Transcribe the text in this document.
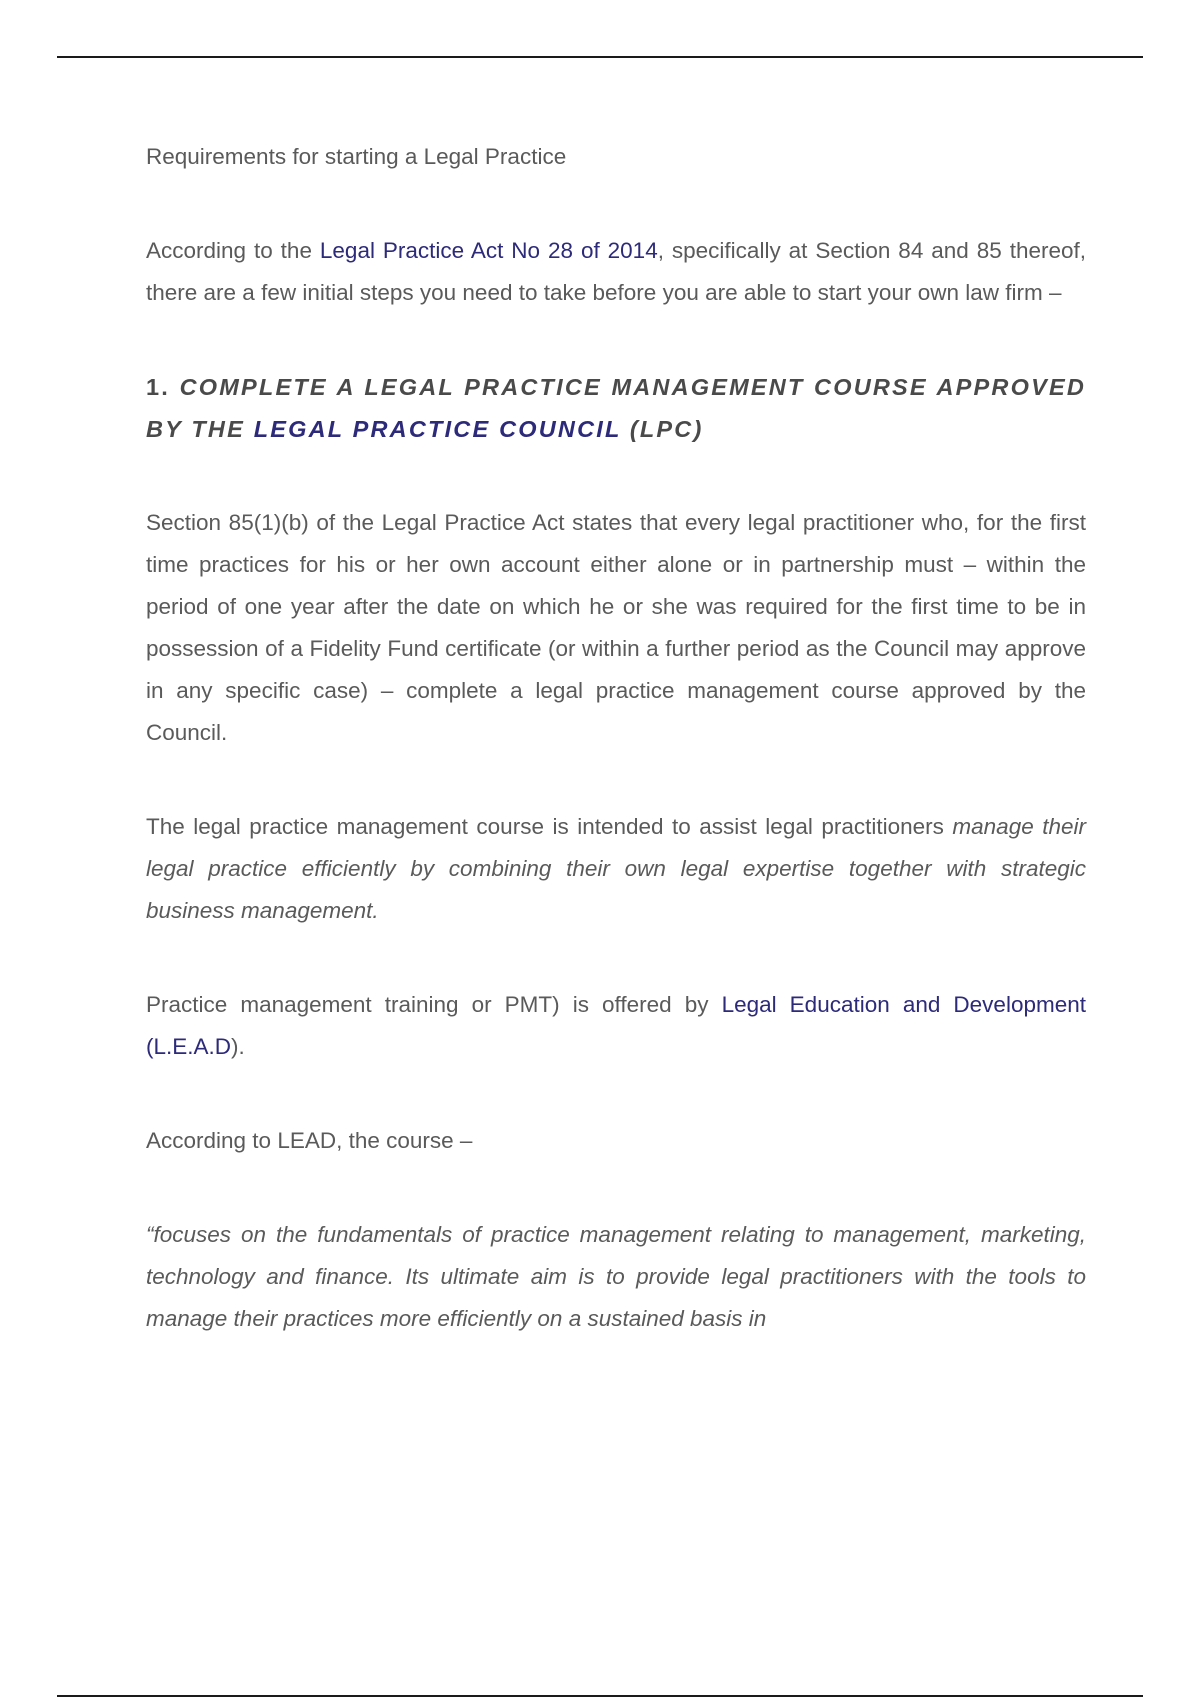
Requirements for starting a Legal Practice

According to the Legal Practice Act No 28 of 2014, specifically at Section 84 and 85 thereof, there are a few initial steps you need to take before you are able to start your own law firm –

1. COMPLETE A LEGAL PRACTICE MANAGEMENT COURSE APPROVED BY THE LEGAL PRACTICE COUNCIL (LPC)

Section 85(1)(b) of the Legal Practice Act states that every legal practitioner who, for the first time practices for his or her own account either alone or in partnership must – within the period of one year after the date on which he or she was required for the first time to be in possession of a Fidelity Fund certificate (or within a further period as the Council may approve in any specific case) – complete a legal practice management course approved by the Council.

The legal practice management course is intended to assist legal practitioners manage their legal practice efficiently by combining their own legal expertise together with strategic business management.

Practice management training or PMT) is offered by Legal Education and Development (L.E.A.D).

According to LEAD, the course –

“focuses on the fundamentals of practice management relating to management, marketing, technology and finance. Its ultimate aim is to provide legal practitioners with the tools to manage their practices more efficiently on a sustained basis in
